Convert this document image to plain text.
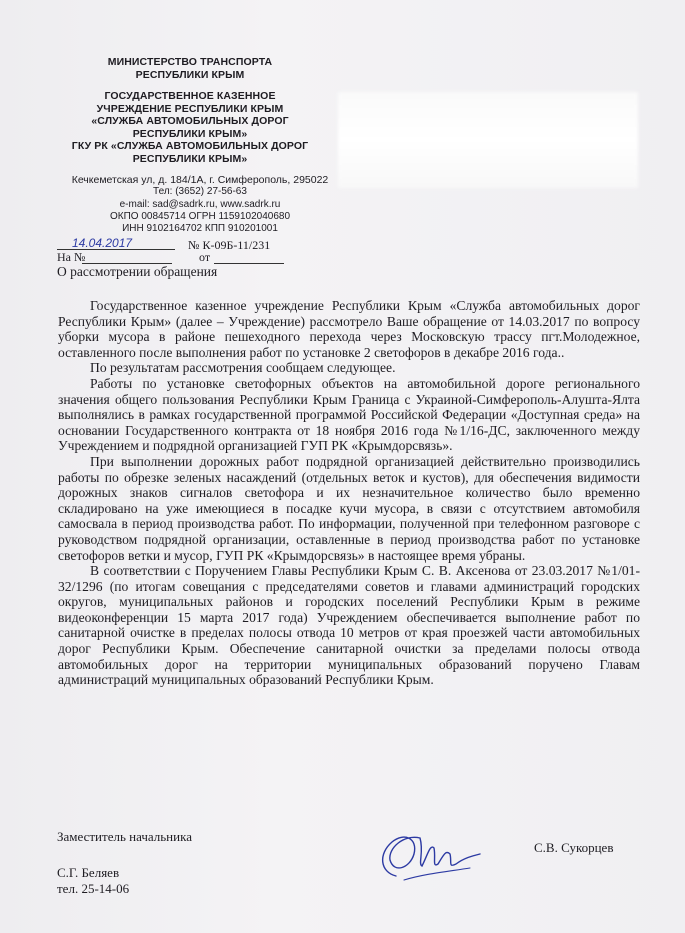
МИНИСТЕРСТВО ТРАНСПОРТА
РЕСПУБЛИКИ КРЫМ
ГОСУДАРСТВЕННОЕ КАЗЕННОЕ
УЧРЕЖДЕНИЕ РЕСПУБЛИКИ КРЫМ
«СЛУЖБА АВТОМОБИЛЬНЫХ ДОРОГ
РЕСПУБЛИКИ КРЫМ»
ГКУ РК «СЛУЖБА АВТОМОБИЛЬНЫХ ДОРОГ
РЕСПУБЛИКИ КРЫМ»
Кечкеметская ул, д. 184/1А, г. Симферополь, 295022
Тел: (3652) 27-56-63
e-mail: sad@sadrk.ru, www.sadrk.ru
ОКПО 00845714 ОГРН 1159102040680
ИНН 9102164702 КПП 910201001
14.04.2017	№ К-09Б-11/231
На №	от
О рассмотрении обращения

Государственное казенное учреждение Республики Крым «Служба автомобильных дорог Республики Крым» (далее – Учреждение) рассмотрело Ваше обращение от 14.03.2017 по вопросу уборки мусора в районе пешеходного перехода через Московскую трассу пгт.Молодежное, оставленного после выполнения работ по установке 2 светофоров в декабре 2016 года..

По результатам рассмотрения сообщаем следующее.

Работы по установке светофорных объектов на автомобильной дороге регионального значения общего пользования Республики Крым Граница с Украиной-Симферополь-Алушта-Ялта выполнялись в рамках государственной программой Российской Федерации «Доступная среда» на основании Государственного контракта от 18 ноября 2016 года №1/16-ДС, заключенного между Учреждением и подрядной организацией ГУП РК «Крымдорсвязь».

При выполнении дорожных работ подрядной организацией действительно производились работы по обрезке зеленых насаждений (отдельных веток и кустов), для обеспечения видимости дорожных знаков сигналов светофора и их незначительное количество было временно складировано на уже имеющиеся в посадке кучи мусора, в связи с отсутствием автомобиля самосвала в период производства работ. По информации, полученной при телефонном разговоре с руководством подрядной организации, оставленные в период производства работ по установке светофоров ветки и мусор, ГУП РК «Крымдорсвязь» в настоящее время убраны.

В соответствии с Поручением Главы Республики Крым С. В. Аксенова от 23.03.2017 №1/01-32/1296 (по итогам совещания с председателями советов и главами администраций городских округов, муниципальных районов и городских поселений Республики Крым в режиме видеоконференции 15 марта 2017 года) Учреждением обеспечивается выполнение работ по санитарной очистке в пределах полосы отвода 10 метров от края проезжей части автомобильных дорог Республики Крым. Обеспечение санитарной очистки за пределами полосы отвода автомобильных дорог на территории муниципальных образований поручено Главам администраций муниципальных образований Республики Крым.

Заместитель начальника
С.В. Сукорцев
С.Г. Беляев
тел. 25-14-06
